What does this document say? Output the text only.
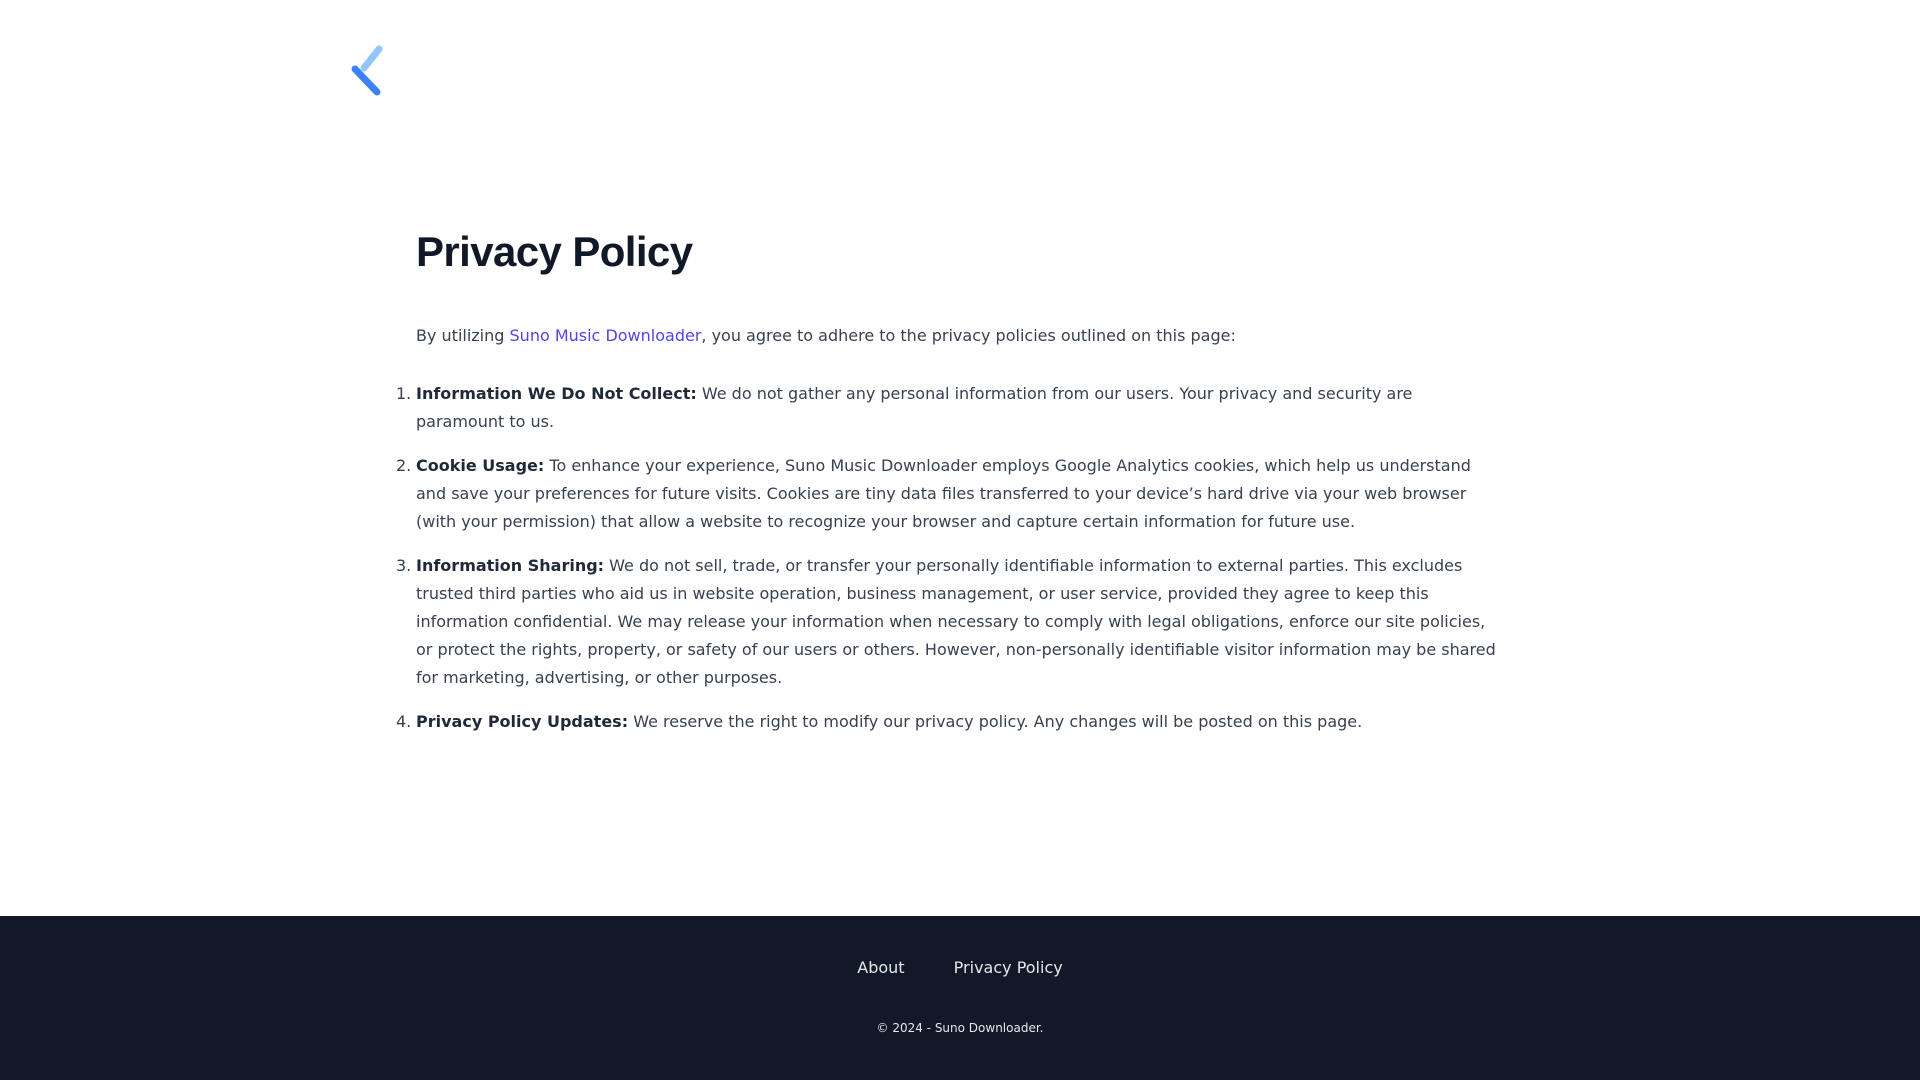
Privacy Policy

By utilizing Suno Music Downloader, you agree to adhere to the privacy policies outlined on this page:

1. Information We Do Not Collect: We do not gather any personal information from our users. Your privacy and security are paramount to us.
2. Cookie Usage: To enhance your experience, Suno Music Downloader employs Google Analytics cookies, which help us understand and save your preferences for future visits. Cookies are tiny data files transferred to your device’s hard drive via your web browser (with your permission) that allow a website to recognize your browser and capture certain information for future use.
3. Information Sharing: We do not sell, trade, or transfer your personally identifiable information to external parties. This excludes trusted third parties who aid us in website operation, business management, or user service, provided they agree to keep this information confidential. We may release your information when necessary to comply with legal obligations, enforce our site policies, or protect the rights, property, or safety of our users or others. However, non-personally identifiable visitor information may be shared for marketing, advertising, or other purposes.
4. Privacy Policy Updates: We reserve the right to modify our privacy policy. Any changes will be posted on this page.
About	Privacy Policy
© 2024 - Suno Downloader.
